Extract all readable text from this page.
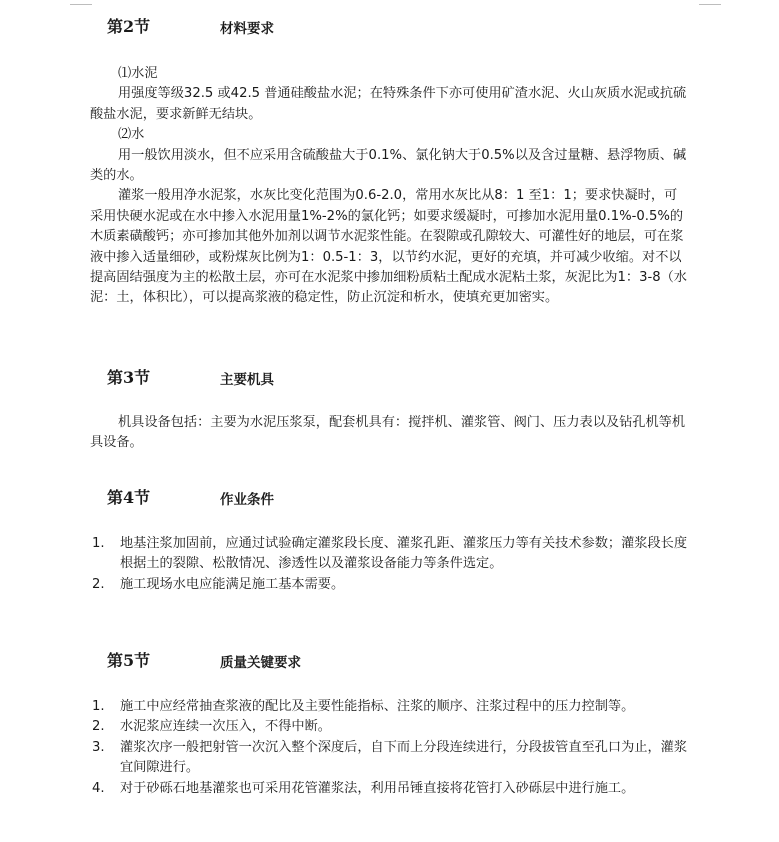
第2节	材料要求

⑴水泥

用强度等级32.5 或42.5 普通硅酸盐水泥；在特殊条件下亦可使用矿渣水泥、火山灰质水泥或抗硫酸盐水泥，要求新鲜无结块。

⑵水

用一般饮用淡水，但不应采用含硫酸盐大于0.1%、氯化钠大于0.5%以及含过量糖、悬浮物质、碱类的水。

灌浆一般用净水泥浆，水灰比变化范围为0.6-2.0，常用水灰比从8：1 至1：1；要求快凝时，可采用快硬水泥或在水中掺入水泥用量1%-2%的氯化钙；如要求缓凝时，可掺加水泥用量0.1%-0.5%的木质素磺酸钙；亦可掺加其他外加剂以调节水泥浆性能。在裂隙或孔隙较大、可灌性好的地层，可在浆液中掺入适量细砂，或粉煤灰比例为1：0.5-1：3，以节约水泥，更好的充填，并可减少收缩。对不以提高固结强度为主的松散土层，亦可在水泥浆中掺加细粉质粘土配成水泥粘土浆，灰泥比为1：3-8（水泥：土，体积比），可以提高浆液的稳定性，防止沉淀和析水，使填充更加密实。

第3节	主要机具

机具设备包括：主要为水泥压浆泵，配套机具有：搅拌机、灌浆管、阀门、压力表以及钻孔机等机具设备。

第4节	作业条件
1. 地基注浆加固前，应通过试验确定灌浆段长度、灌浆孔距、灌浆压力等有关技术参数；灌浆段长度根据土的裂隙、松散情况、渗透性以及灌浆设备能力等条件选定。
2. 施工现场水电应能满足施工基本需要。
第5节	质量关键要求
1. 施工中应经常抽查浆液的配比及主要性能指标、注浆的顺序、注浆过程中的压力控制等。
2. 水泥浆应连续一次压入，不得中断。
3. 灌浆次序一般把射管一次沉入整个深度后，自下而上分段连续进行，分段拔管直至孔口为止，灌浆宜间隙进行。
4. 对于砂砾石地基灌浆也可采用花管灌浆法，利用吊锤直接将花管打入砂砾层中进行施工。
